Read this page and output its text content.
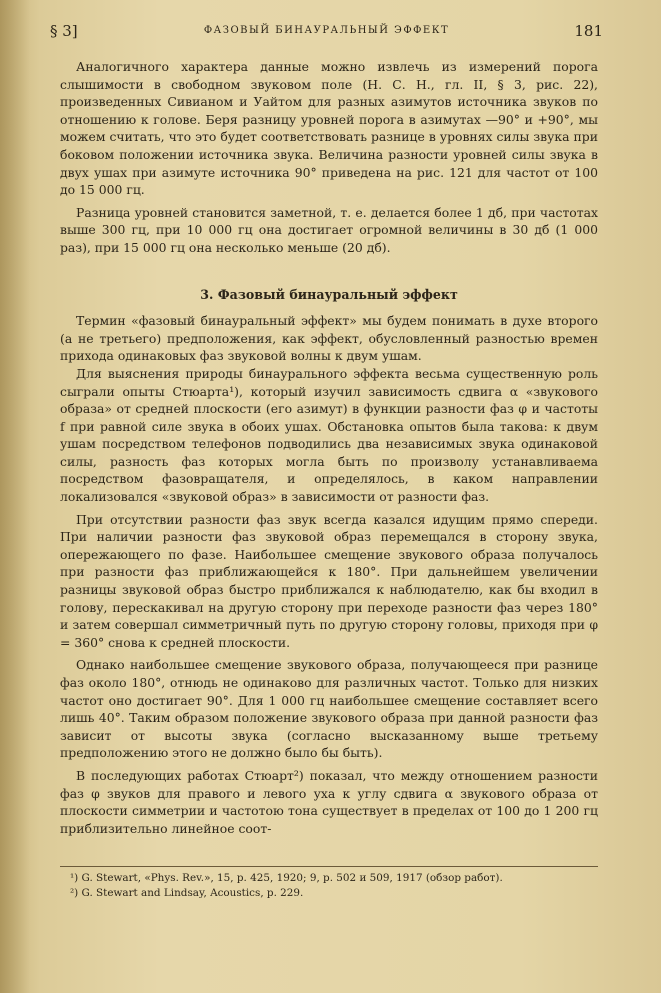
§ 3]	ФАЗОВЫЙ БИНАУРАЛЬНЫЙ ЭФФЕКТ	181

Аналогичного характера данные можно извлечь из измерений порога слышимости в свободном звуковом поле (Н. С. Н., гл. II, § 3, рис. 22), произведенных Сивианом и Уайтом для разных азимутов источника звуков по отношению к голове. Беря разницу уровней порога в азимутах —90° и +90°, мы можем считать, что это будет соответствовать разнице в уровнях силы звука при боковом положении источника звука. Величина разности уровней силы звука в двух ушах при азимуте источника 90° приведена на рис. 121 для частот от 100 до 15 000 гц.

Разница уровней становится заметной, т. е. делается более 1 дб, при частотах выше 300 гц, при 10 000 гц она достигает огромной величины в 30 дб (1 000 раз), при 15 000 гц она несколько меньше (20 дб).

3. Фазовый бинауральный эффект

Термин «фазовый бинауральный эффект» мы будем понимать в духе второго (а не третьего) предположения, как эффект, обусловленный разностью времен прихода одинаковых фаз звуковой волны к двум ушам.

Для выяснения природы бинаурального эффекта весьма существенную роль сыграли опыты Стюарта¹), который изучил зависимость сдвига α «звукового образа» от средней плоскости (его азимут) в функции разности фаз φ и частоты f при равной силе звука в обоих ушах. Обстановка опытов была такова: к двум ушам посредством телефонов подводились два независимых звука одинаковой силы, разность фаз которых могла быть по произволу устанавливаема посредством фазовращателя, и определялось, в каком направлении локализовался «звуковой образ» в зависимости от разности фаз.

При отсутствии разности фаз звук всегда казался идущим прямо спереди. При наличии разности фаз звуковой образ перемещался в сторону звука, опережающего по фазе. Наибольшее смещение звукового образа получалось при разности фаз приближающейся к 180°. При дальнейшем увеличении разницы звуковой образ быстро приближался к наблюдателю, как бы входил в голову, перескакивал на другую сторону при переходе разности фаз через 180° и затем совершал симметричный путь по другую сторону головы, приходя при φ = 360° снова к средней плоскости.

Однако наибольшее смещение звукового образа, получающееся при разнице фаз около 180°, отнюдь не одинаково для различных частот. Только для низких частот оно достигает 90°. Для 1 000 гц наибольшее смещение составляет всего лишь 40°. Таким образом положение звукового образа при данной разности фаз зависит от высоты звука (согласно высказанному выше третьему предположению этого не должно было бы быть).

В последующих работах Стюарт²) показал, что между отношением разности фаз φ звуков для правого и левого уха к углу сдвига α звукового образа от плоскости симметрии и частотою тона существует в пределах от 100 до 1 200 гц приблизительно линейное соот-

¹) G. Stewart, «Phys. Rev.», 15, p. 425, 1920; 9, p. 502 и 509, 1917 (обзор работ).
²) G. Stewart and Lindsay, Acoustics, p. 229.
